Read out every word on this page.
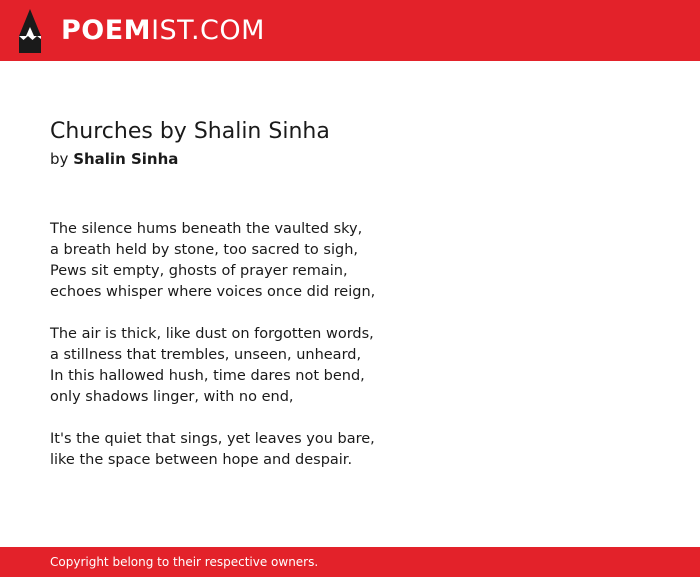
POEMIST.COM
Churches by Shalin Sinha
by Shalin Sinha
The silence hums beneath the vaulted sky,
a breath held by stone, too sacred to sigh,
Pews sit empty, ghosts of prayer remain,
echoes whisper where voices once did reign,
The air is thick, like dust on forgotten words,
a stillness that trembles, unseen, unheard,
In this hallowed hush, time dares not bend,
only shadows linger, with no end,
It's the quiet that sings, yet leaves you bare,
like the space between hope and despair.
Copyright belong to their respective owners.
